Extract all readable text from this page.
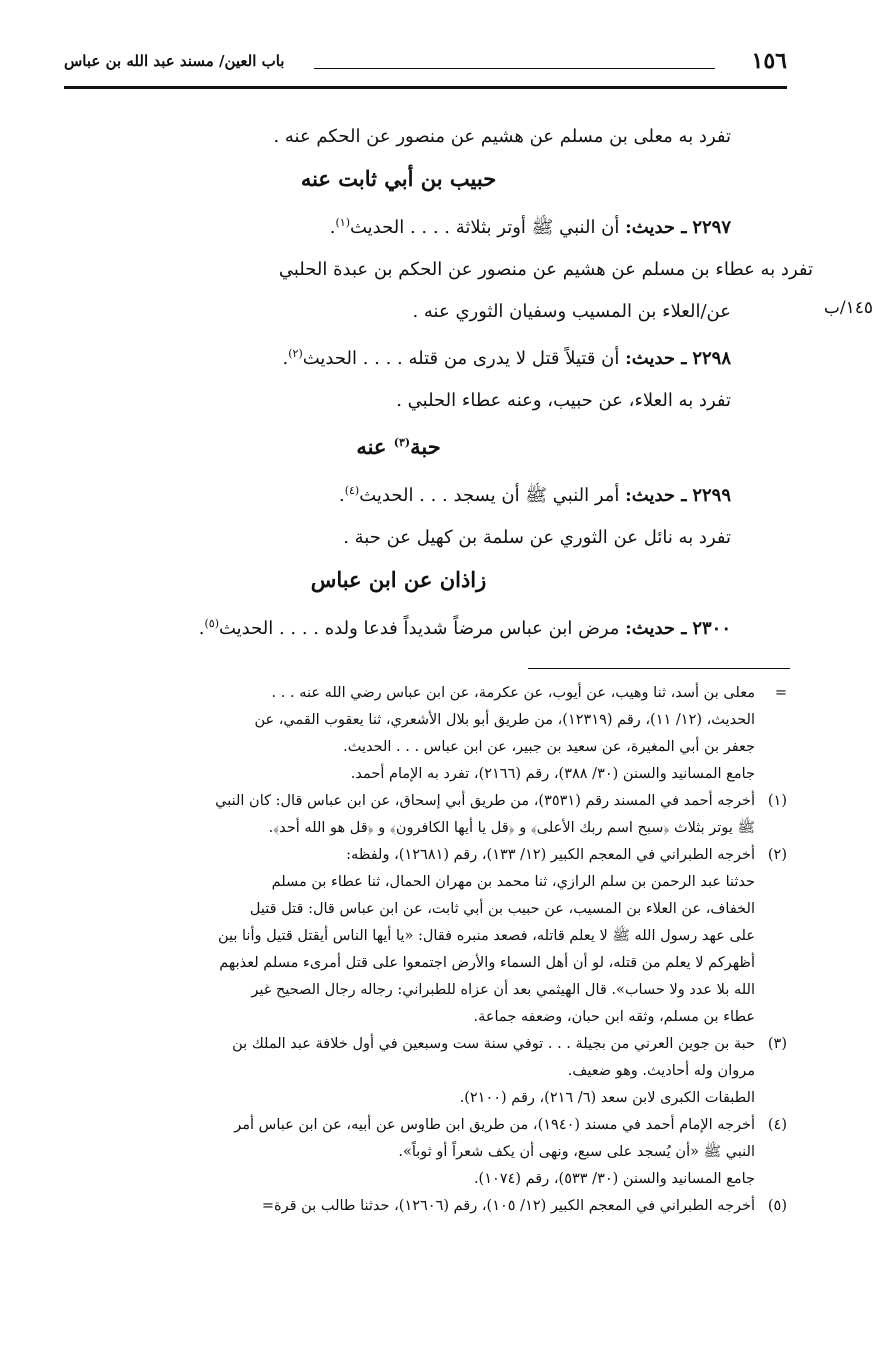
١٥٦
باب العين/ مسند عبد الله بن عباس

تفرد به معلى بن مسلم عن هشيم عن منصور عن الحكم عنه .

حبيب بن أبي ثابت عنه

٢٢٩٧ ـ حديث: أن النبي ﷺ أوتر بثلاثة . . . . الحديث$^{(١)}$.

تفرد به عطاء بن مسلم عن هشيم عن منصور عن الحكم بن عبدة الحلبي

عن/العلاء بن المسيب وسفيان الثوري عنه .

٢٢٩٨ ـ حديث: أن قتيلاً قتل لا يدرى من قتله . . . . الحديث$^{(٢)}$.

تفرد به العلاء، عن حبيب، وعنه عطاء الحلبي .

حبة$^{(٣)}$ عنه

٢٢٩٩ ـ حديث: أمر النبي ﷺ أن يسجد . . . الحديث$^{(٤)}$.

تفرد به نائل عن الثوري عن سلمة بن كهيل عن حبة .

زاذان عن ابن عباس

٢٣٠٠ ـ حديث: مرض ابن عباس مرضاً شديداً فدعا ولده . . . . الحديث$^{(٥)}$.

١٤٥/ب
=
معلى بن أسد، ثنا وهيب، عن أيوب، عن عكرمة، عن ابن عباس رضي الله عنه . . .
الحديث، (١٢/ ١١)، رقم (١٢٣١٩)، من طريق أبو بلال الأشعري، ثنا يعقوب القمي، عن
جعفر بن أبي المغيرة، عن سعيد بن جبير، عن ابن عباس . . . الحديث.
جامع المسانيد والسنن (٣٠/ ٣٨٨)، رقم (٢١٦٦)، تفرد به الإمام أحمد.
(١)
أخرجه أحمد في المسند رقم (٣٥٣١)، من طريق أبي إسحاق، عن ابن عباس قال: كان النبي
ﷺ يوتر بثلاث ﴿سبح اسم ربك الأعلى﴾ و ﴿قل يا أيها الكافرون﴾ و ﴿قل هو الله أحد﴾.
(٢)
أخرجه الطبراني في المعجم الكبير (١٢/ ١٣٣)، رقم (١٢٦٨١)، ولفظه:
حدثنا عبد الرحمن بن سلم الرازي، ثنا محمد بن مهران الحمال، ثنا عطاء بن مسلم
الخفاف، عن العلاء بن المسيب، عن حبيب بن أبي ثابت، عن ابن عباس قال: قتل قتيل
على عهد رسول الله ﷺ لا يعلم قاتله، فصعد منبره فقال: «يا أيها الناس أيقتل قتيل وأنا بين
أظهركم لا يعلم من قتله، لو أن أهل السماء والأرض اجتمعوا على قتل أمرىء مسلم لعذبهم
الله بلا عدد ولا حساب». قال الهيثمي بعد أن عزاه للطبراني: رجاله رجال الصحيح غير
عطاء بن مسلم، وثقه ابن حبان، وضعفه جماعة.
(٣)
حبة بن جوين العرني من بجيلة . . . توفي سنة ست وسبعين في أول خلافة عبد الملك بن
مروان وله أحاديث. وهو ضعيف.
الطبقات الكبرى لابن سعد (٦/ ٢١٦)، رقم (٢١٠٠).
(٤)
أخرجه الإمام أحمد في مسند (١٩٤٠)، من طريق ابن طاوس عن أبيه، عن ابن عباس أمر
النبي ﷺ «أن يُسجد على سبع، ونهى أن يكف شعراً أو ثوباً».
جامع المسانيد والسنن (٣٠/ ٥٣٣)، رقم (١٠٧٤).
(٥)
أخرجه الطبراني في المعجم الكبير (١٢/ ١٠٥)، رقم (١٢٦٠٦)، حدثنا طالب بن قرة=
